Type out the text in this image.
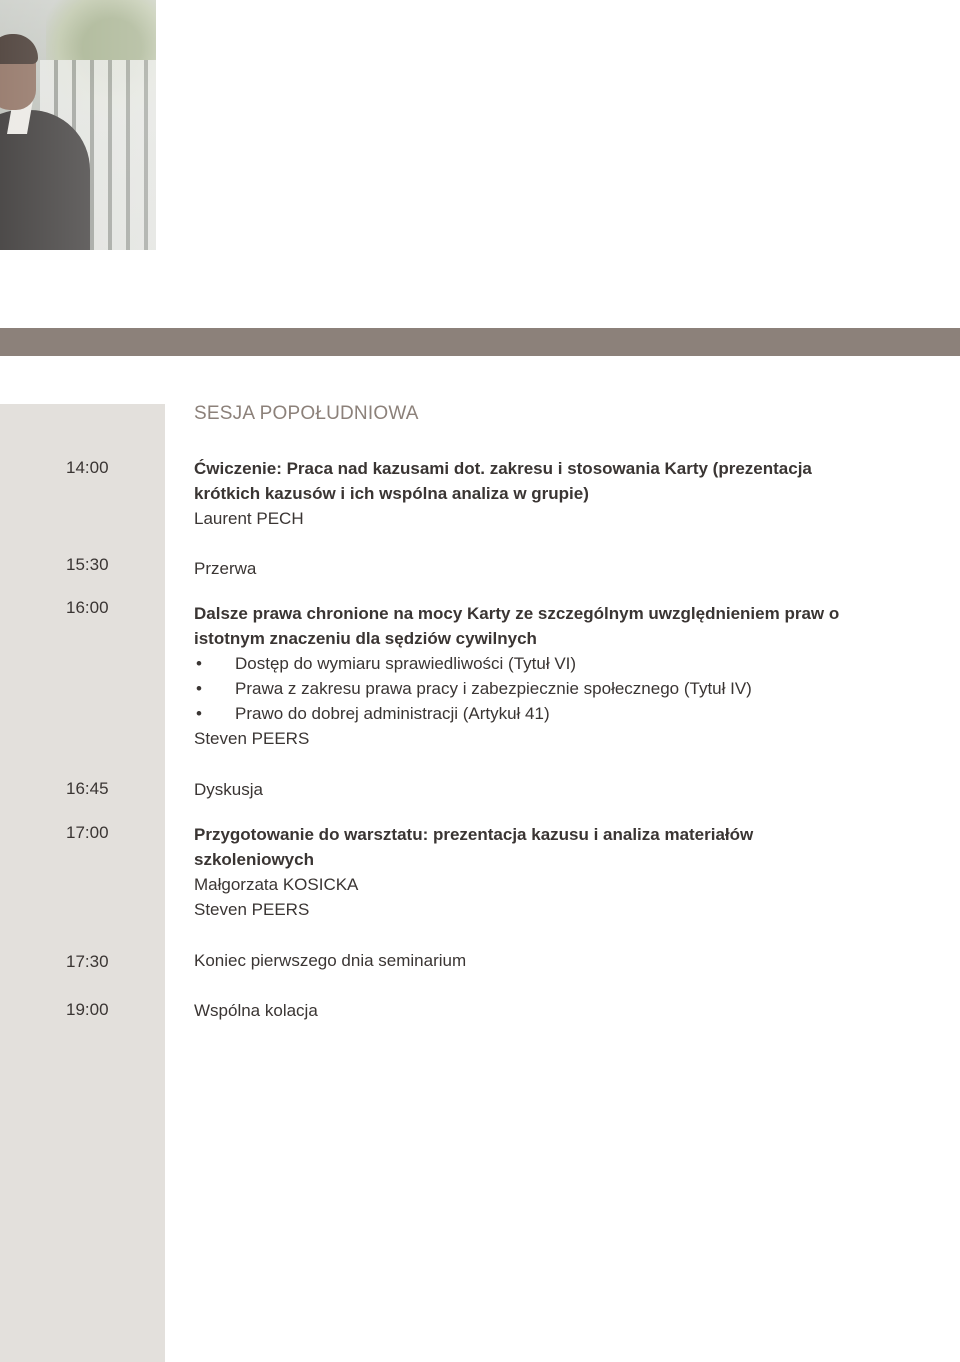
SESJA POPOŁUDNIOWA
14:00	Ćwiczenie: Praca nad kazusami dot. zakresu i stosowania Karty (prezentacja
krótkich kazusów i ich wspólna analiza w grupie)
Laurent PECH
15:30	Przerwa
16:00	Dalsze prawa chronione na mocy Karty ze szczególnym uwzględnieniem praw o
istotnym znaczeniu dla sędziów cywilnych
• Dostęp do wymiaru sprawiedliwości (Tytuł VI)
• Prawa z zakresu prawa pracy i zabezpiecznie społecznego (Tytuł IV)
• Prawo do dobrej administracji (Artykuł 41)
Steven PEERS
16:45	Dyskusja
17:00	Przygotowanie do warsztatu: prezentacja kazusu i analiza materiałów
szkoleniowych
Małgorzata KOSICKA
Steven PEERS
17:30	Koniec pierwszego dnia seminarium
19:00	Wspólna kolacja
